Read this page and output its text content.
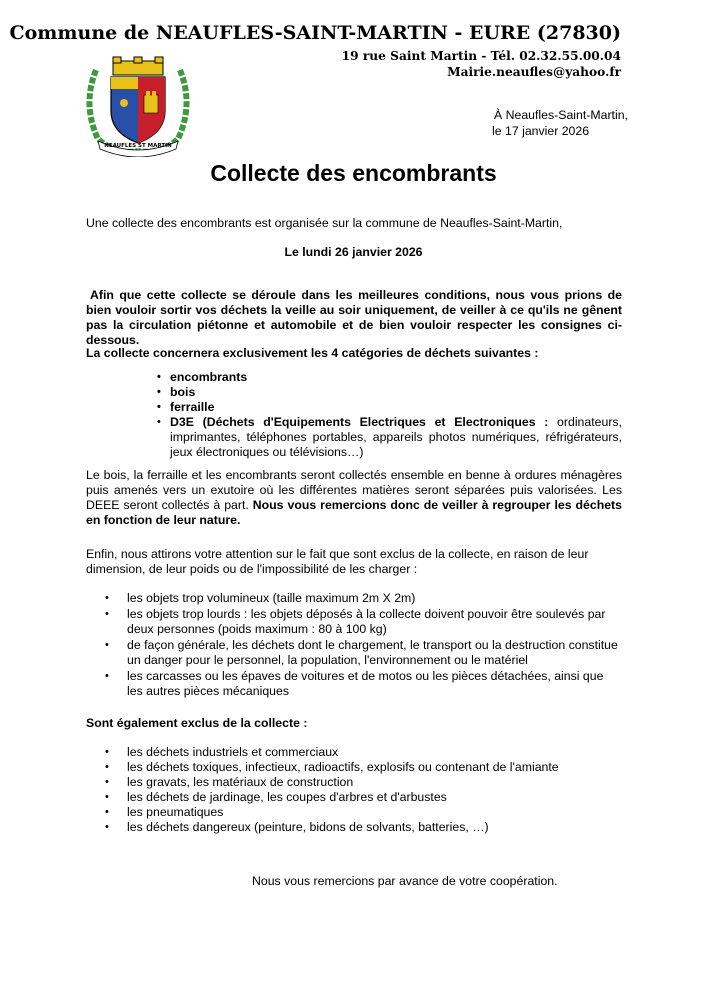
Commune de NEAUFLES-SAINT-MARTIN - EURE (27830)
19 rue Saint Martin - Tél. 02.32.55.00.04
Mairie.neaufles@yahoo.fr
NEAUFLES ST MARTIN
À Neaufles-Saint-Martin,
le 17 janvier 2026
Collecte des encombrants
Une collecte des encombrants est organisée sur la commune de Neaufles-Saint-Martin,
Le lundi 26 janvier 2026
Afin que cette collecte se déroule dans les meilleures conditions, nous vous prions de bien vouloir sortir vos déchets la veille au soir uniquement, de veiller à ce qu'ils ne gênent pas la circulation piétonne et automobile et de bien vouloir respecter les consignes ci-dessous.
La collecte concernera exclusivement les 4 catégories de déchets suivantes :
• encombrants
• bois
• ferraille
• D3E (Déchets d'Equipements Electriques et Electroniques : ordinateurs, imprimantes, téléphones portables, appareils photos numériques, réfrigérateurs, jeux électroniques ou télévisions…)
Le bois, la ferraille et les encombrants seront collectés ensemble en benne à ordures ménagères puis amenés vers un exutoire où les différentes matières seront séparées puis valorisées. Les DEEE seront collectés à part. Nous vous remercions donc de veiller à regrouper les déchets en fonction de leur nature.
Enfin, nous attirons votre attention sur le fait que sont exclus de la collecte, en raison de leur dimension, de leur poids ou de l'impossibilité de les charger :
• les objets trop volumineux (taille maximum 2m X 2m)
• les objets trop lourds : les objets déposés à la collecte doivent pouvoir être soulevés par deux personnes (poids maximum : 80 à 100 kg)
• de façon générale, les déchets dont le chargement, le transport ou la destruction constitue un danger pour le personnel, la population, l'environnement ou le matériel
• les carcasses ou les épaves de voitures et de motos ou les pièces détachées, ainsi que les autres pièces mécaniques
Sont également exclus de la collecte :
• les déchets industriels et commerciaux
• les déchets toxiques, infectieux, radioactifs, explosifs ou contenant de l'amiante
• les gravats, les matériaux de construction
• les déchets de jardinage, les coupes d'arbres et d'arbustes
• les pneumatiques
• les déchets dangereux (peinture, bidons de solvants, batteries, …)
Nous vous remercions par avance de votre coopération.
